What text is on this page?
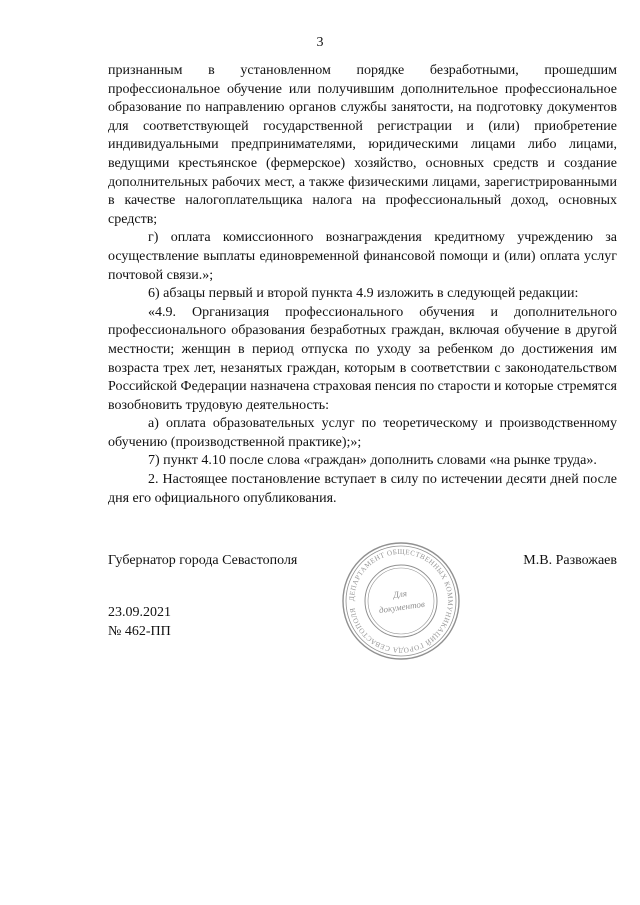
3

признанным в установленном порядке безработными, прошедшим профессиональное обучение или получившим дополнительное профессиональное образование по направлению органов службы занятости, на подготовку документов для соответствующей государственной регистрации и (или) приобретение индивидуальными предпринимателями, юридическими лицами либо лицами, ведущими крестьянское (фермерское) хозяйство, основных средств и создание дополнительных рабочих мест, а также физическими лицами, зарегистрированными в качестве налогоплательщика налога на профессиональный доход, основных средств;

г) оплата комиссионного вознаграждения кредитному учреждению за осуществление выплаты единовременной финансовой помощи и (или) оплата услуг почтовой связи.»;

6) абзацы первый и второй пункта 4.9 изложить в следующей редакции:

«4.9. Организация профессионального обучения и дополнительного профессионального образования безработных граждан, включая обучение в другой местности; женщин в период отпуска по уходу за ребенком до достижения им возраста трех лет, незанятых граждан, которым в соответствии с законодательством Российской Федерации назначена страховая пенсия по старости и которые стремятся возобновить трудовую деятельность:

а) оплата образовательных услуг по теоретическому и производственному обучению (производственной практике);»;

7) пункт 4.10 после слова «граждан» дополнить словами «на рынке труда».

2. Настоящее постановление вступает в силу по истечении десяти дней после дня его официального опубликования.

Губернатор города Севастополя
ДЕПАРТАМЕНТ ОБЩЕСТВЕННЫХ КОММУНИКАЦИЙ ГОРОДА СЕВАСТОПОЛЯ
Для
документов
М.В. Развожаев
23.09.2021
№ 462-ПП
